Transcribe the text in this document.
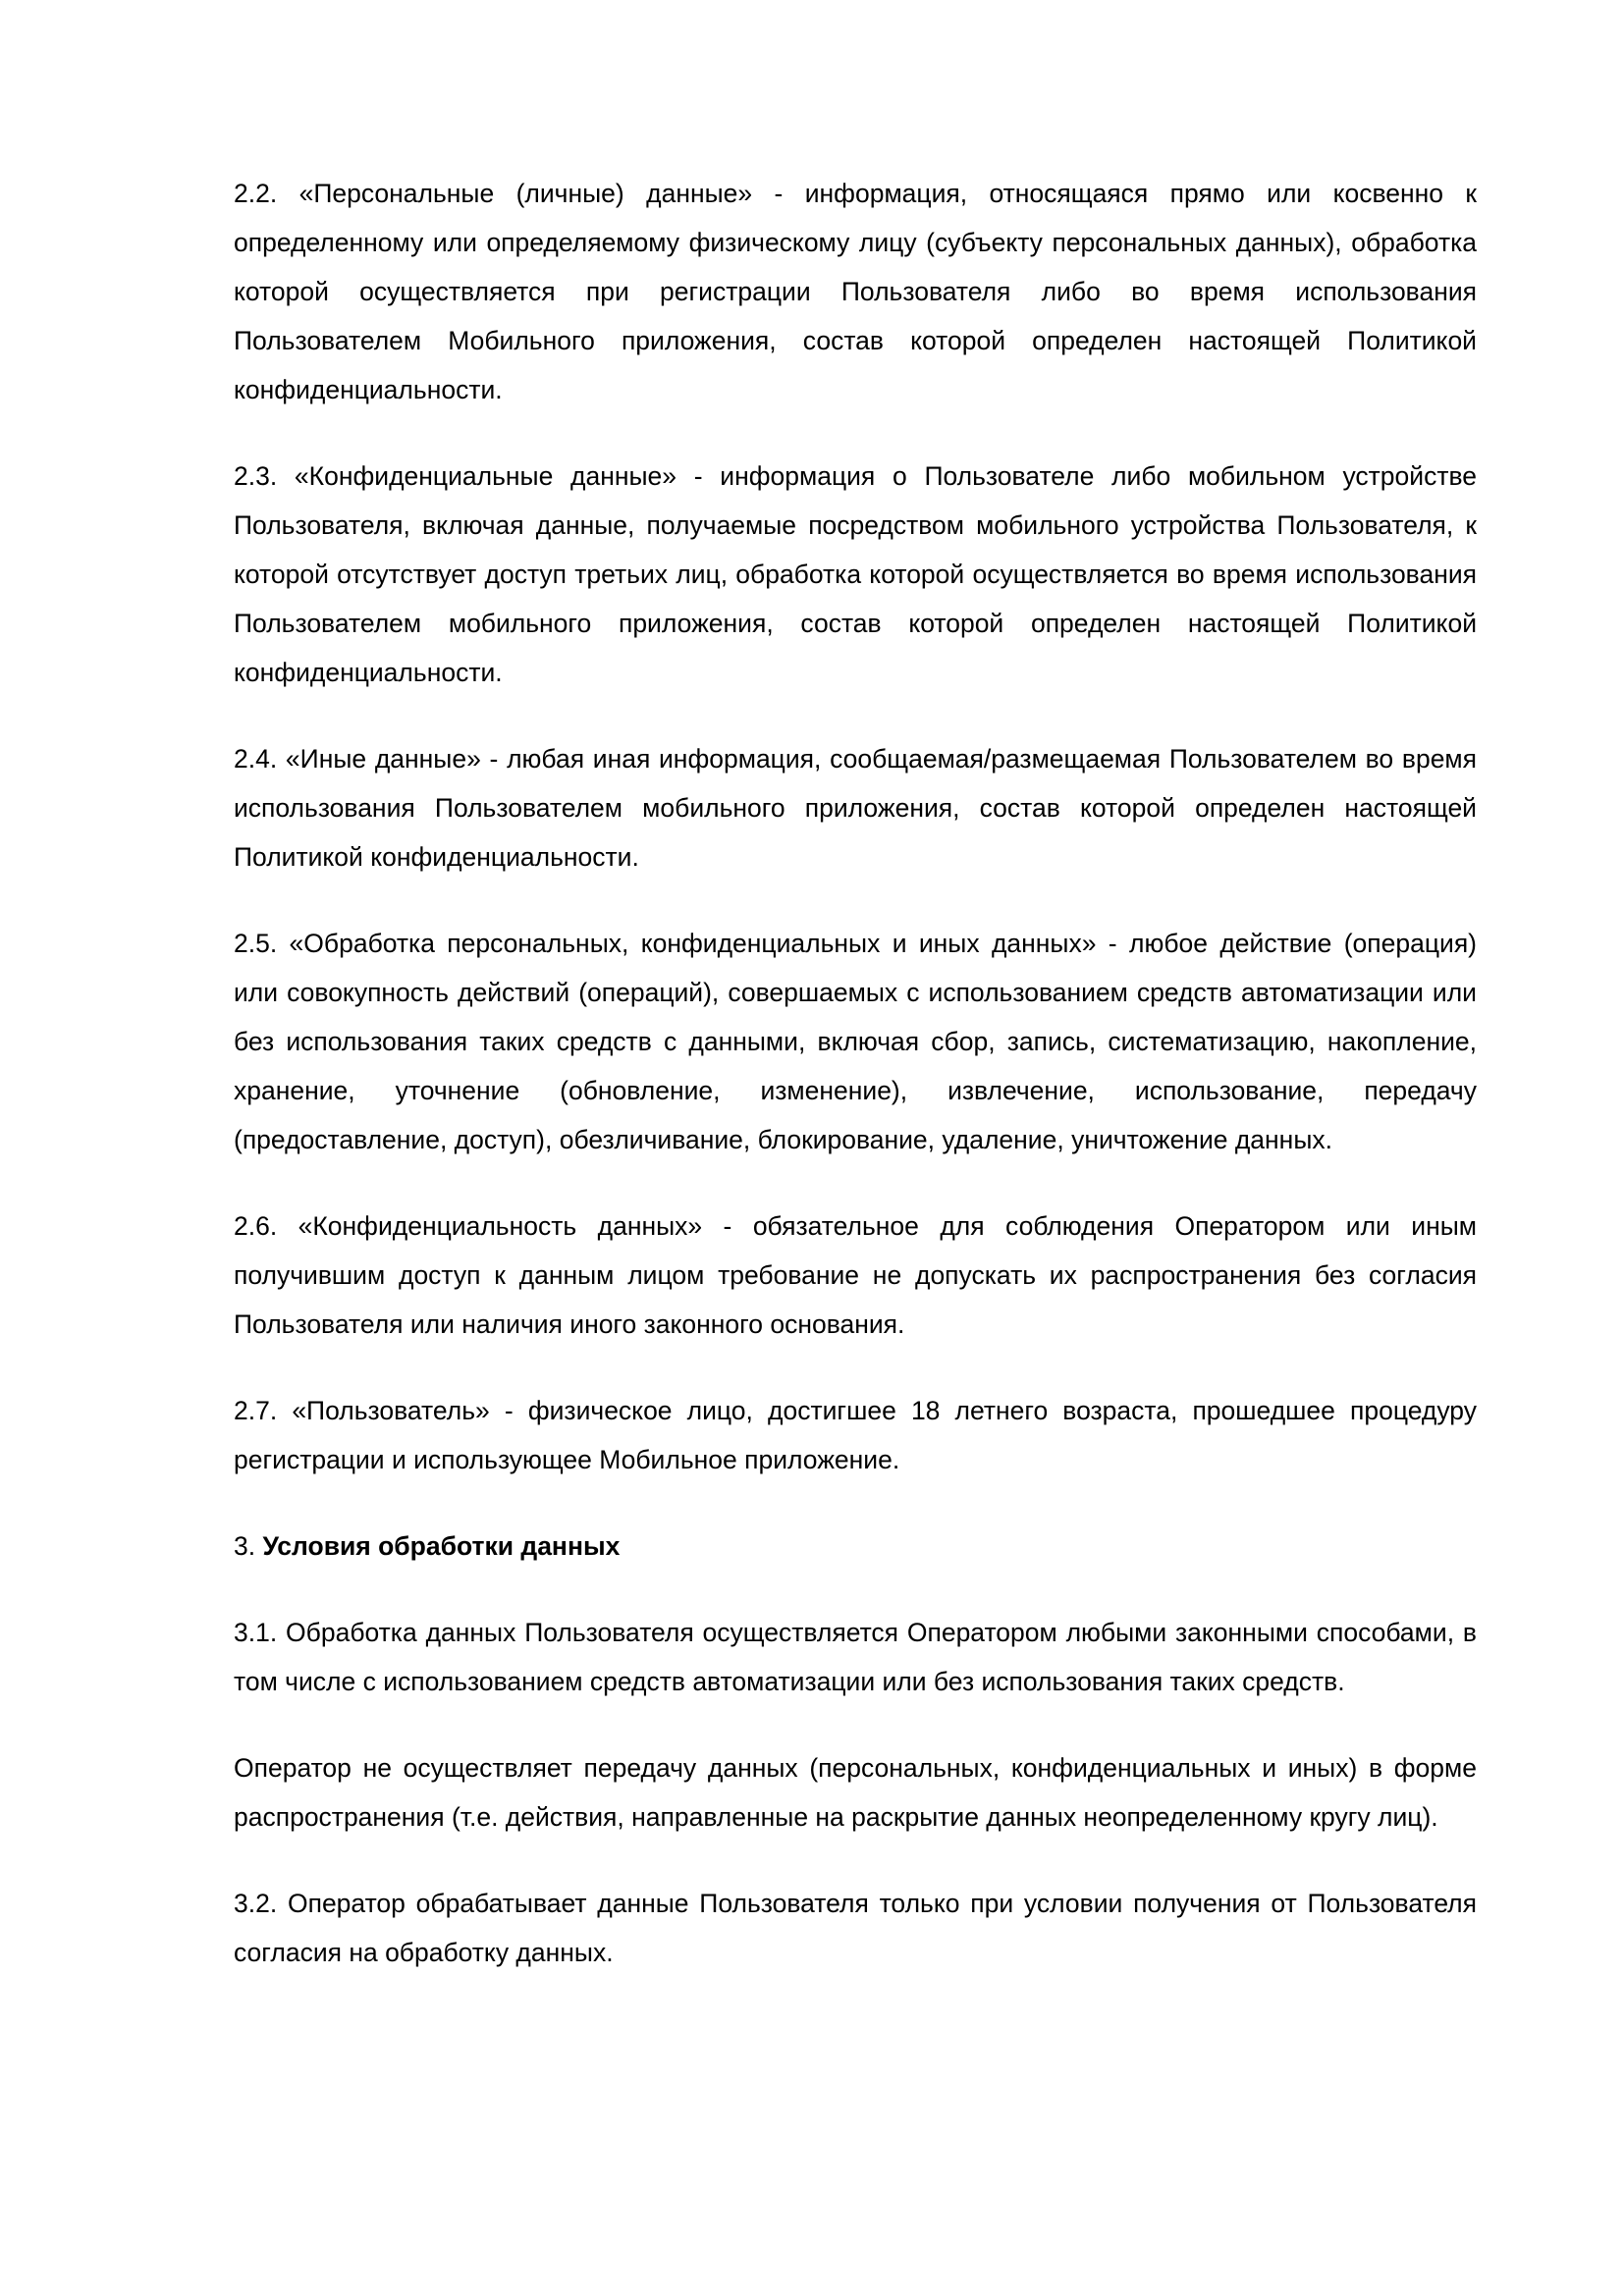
2.2. «Персональные (личные) данные» - информация, относящаяся прямо или косвенно к определенному или определяемому физическому лицу (субъекту персональных данных), обработка которой осуществляется при регистрации Пользователя либо во время использования Пользователем Мобильного приложения, состав которой определен настоящей Политикой конфиденциальности.

2.3. «Конфиденциальные данные» - информация о Пользователе либо мобильном устройстве Пользователя, включая данные, получаемые посредством мобильного устройства Пользователя, к которой отсутствует доступ третьих лиц, обработка которой осуществляется во время использования Пользователем мобильного приложения, состав которой определен настоящей Политикой конфиденциальности.

2.4. «Иные данные» - любая иная информация, сообщаемая/размещаемая Пользователем во время использования Пользователем мобильного приложения, состав которой определен настоящей Политикой конфиденциальности.

2.5. «Обработка персональных, конфиденциальных и иных данных» - любое действие (операция) или совокупность действий (операций), совершаемых с использованием средств автоматизации или без использования таких средств с данными, включая сбор, запись, систематизацию, накопление, хранение, уточнение (обновление, изменение), извлечение, использование, передачу (предоставление, доступ), обезличивание, блокирование, удаление, уничтожение данных.

2.6. «Конфиденциальность данных» - обязательное для соблюдения Оператором или иным получившим доступ к данным лицом требование не допускать их распространения без согласия Пользователя или наличия иного законного основания.

2.7. «Пользователь» - физическое лицо, достигшее 18 летнего возраста, прошедшее процедуру регистрации и использующее Мобильное приложение.

3. Условия обработки данных

3.1. Обработка данных Пользователя осуществляется Оператором любыми законными способами, в том числе с использованием средств автоматизации или без использования таких средств.

Оператор не осуществляет передачу данных (персональных, конфиденциальных и иных) в форме распространения (т.е. действия, направленные на раскрытие данных неопределенному кругу лиц).

3.2. Оператор обрабатывает данные Пользователя только при условии получения от Пользователя согласия на обработку данных.
